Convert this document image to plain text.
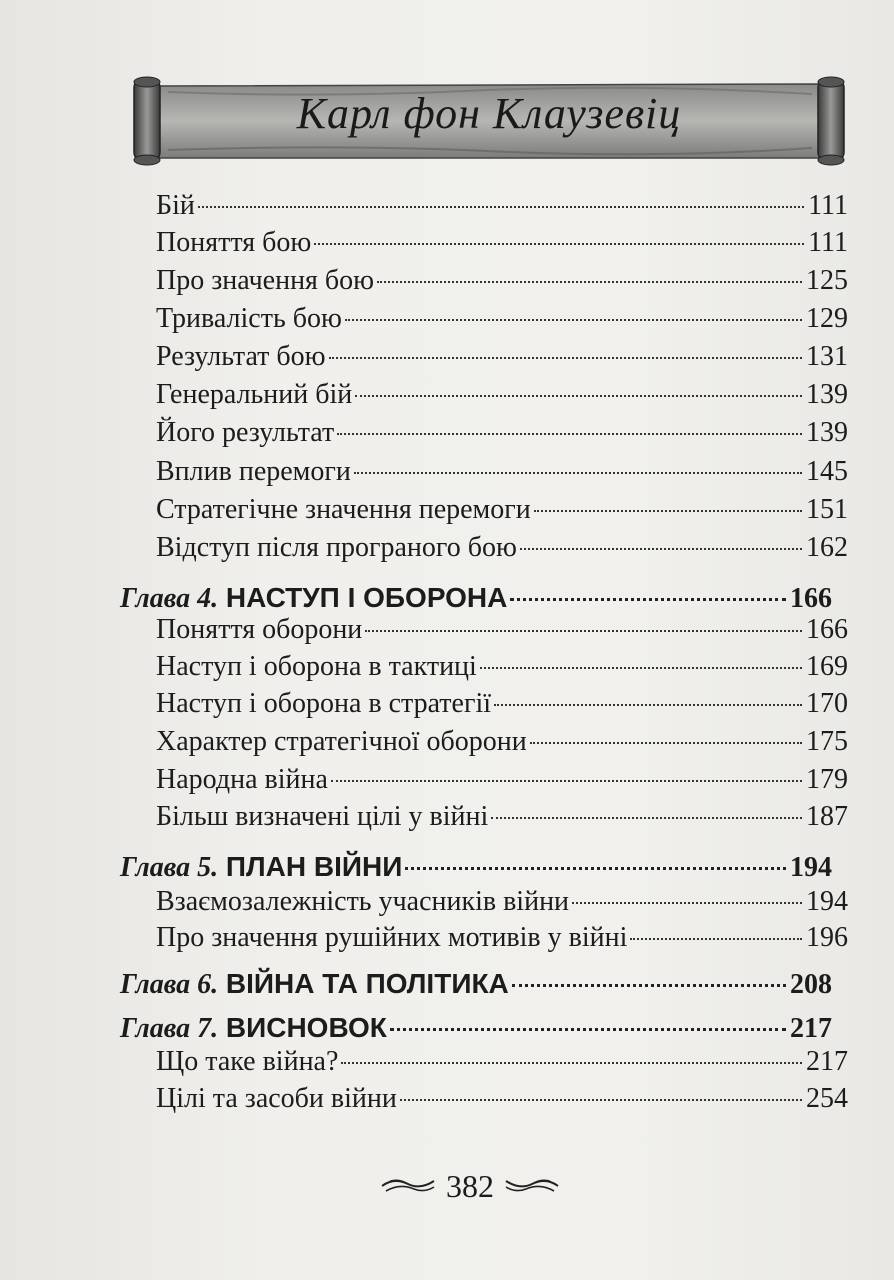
Карл фон Клаузевіц
Бій	111
Поняття бою	111
Про значення бою	125
Тривалість бою	129
Результат бою	131
Генеральний бій	139
Його результат	139
Вплив перемоги	145
Стратегічне значення перемоги	151
Відступ після програного бою	162
Глава 4. НАСТУП І ОБОРОНА	166
Поняття оборони	166
Наступ і оборона в тактиці	169
Наступ і оборона в стратегії	170
Характер стратегічної оборони	175
Народна війна	179
Більш визначені цілі у війні	187
Глава 5. ПЛАН ВІЙНИ	194
Взаємозалежність учасників війни	194
Про значення рушійних мотивів у війні	196
Глава 6. ВІЙНА ТА ПОЛІТИКА	208
Глава 7. ВИСНОВОК	217
Що таке війна?	217
Цілі та засоби війни	254
382
